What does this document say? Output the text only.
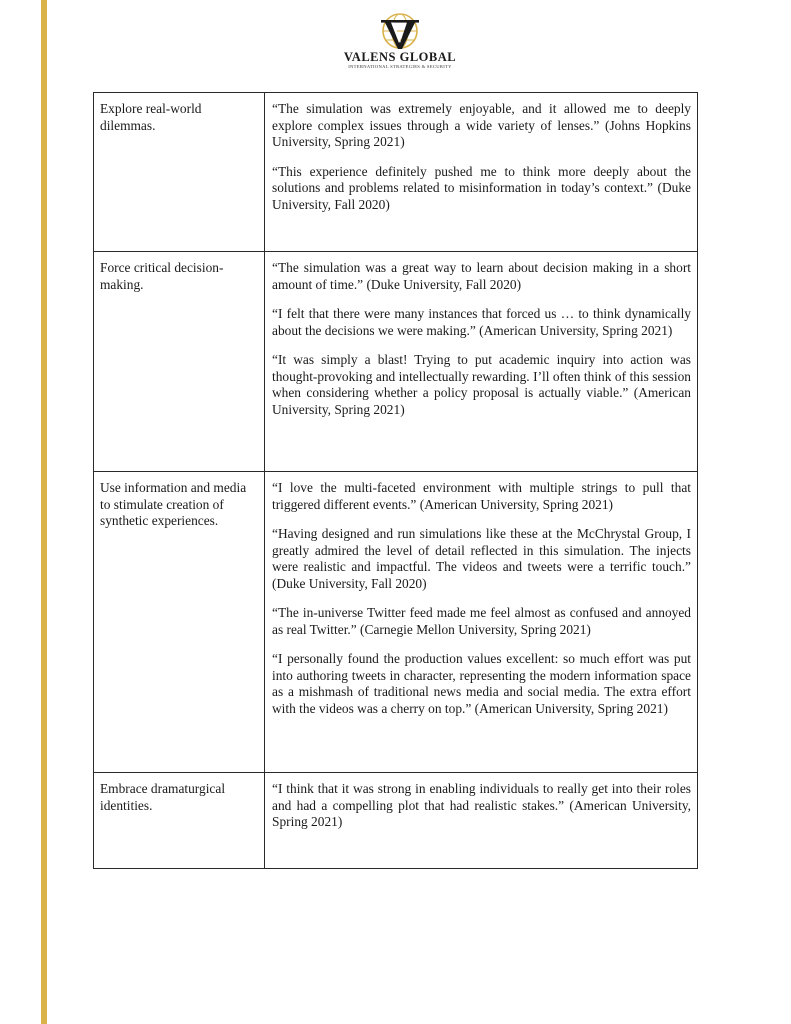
VALENS GLOBAL
INTERNATIONAL STRATEGIES & SECURITY
Explore real-world dilemmas.	“The simulation was extremely enjoyable, and it allowed me to deeply explore complex issues through a wide variety of lenses.” (Johns Hopkins University, Spring 2021)

“This experience definitely pushed me to think more deeply about the solutions and problems related to misinformation in today’s context.” (Duke University, Fall 2020)

Force critical decision-making.	“The simulation was a great way to learn about decision making in a short amount of time.” (Duke University, Fall 2020)

“I felt that there were many instances that forced us … to think dynamically about the decisions we were making.” (American University, Spring 2021)

“It was simply a blast! Trying to put academic inquiry into action was thought-provoking and intellectually rewarding. I’ll often think of this session when considering whether a policy proposal is actually viable.” (American University, Spring 2021)

Use information and media to stimulate creation of synthetic experiences.	“I love the multi-faceted environment with multiple strings to pull that triggered different events.” (American University, Spring 2021)

“Having designed and run simulations like these at the McChrystal Group, I greatly admired the level of detail reflected in this simulation. The injects were realistic and impactful. The videos and tweets were a terrific touch.” (Duke University, Fall 2020)

“The in-universe Twitter feed made me feel almost as confused and annoyed as real Twitter.” (Carnegie Mellon University, Spring 2021)

“I personally found the production values excellent: so much effort was put into authoring tweets in character, representing the modern information space as a mishmash of traditional news media and social media. The extra effort with the videos was a cherry on top.” (American University, Spring 2021)

Embrace dramaturgical identities.	“I think that it was strong in enabling individuals to really get into their roles and had a compelling plot that had realistic stakes.” (American University, Spring 2021)
